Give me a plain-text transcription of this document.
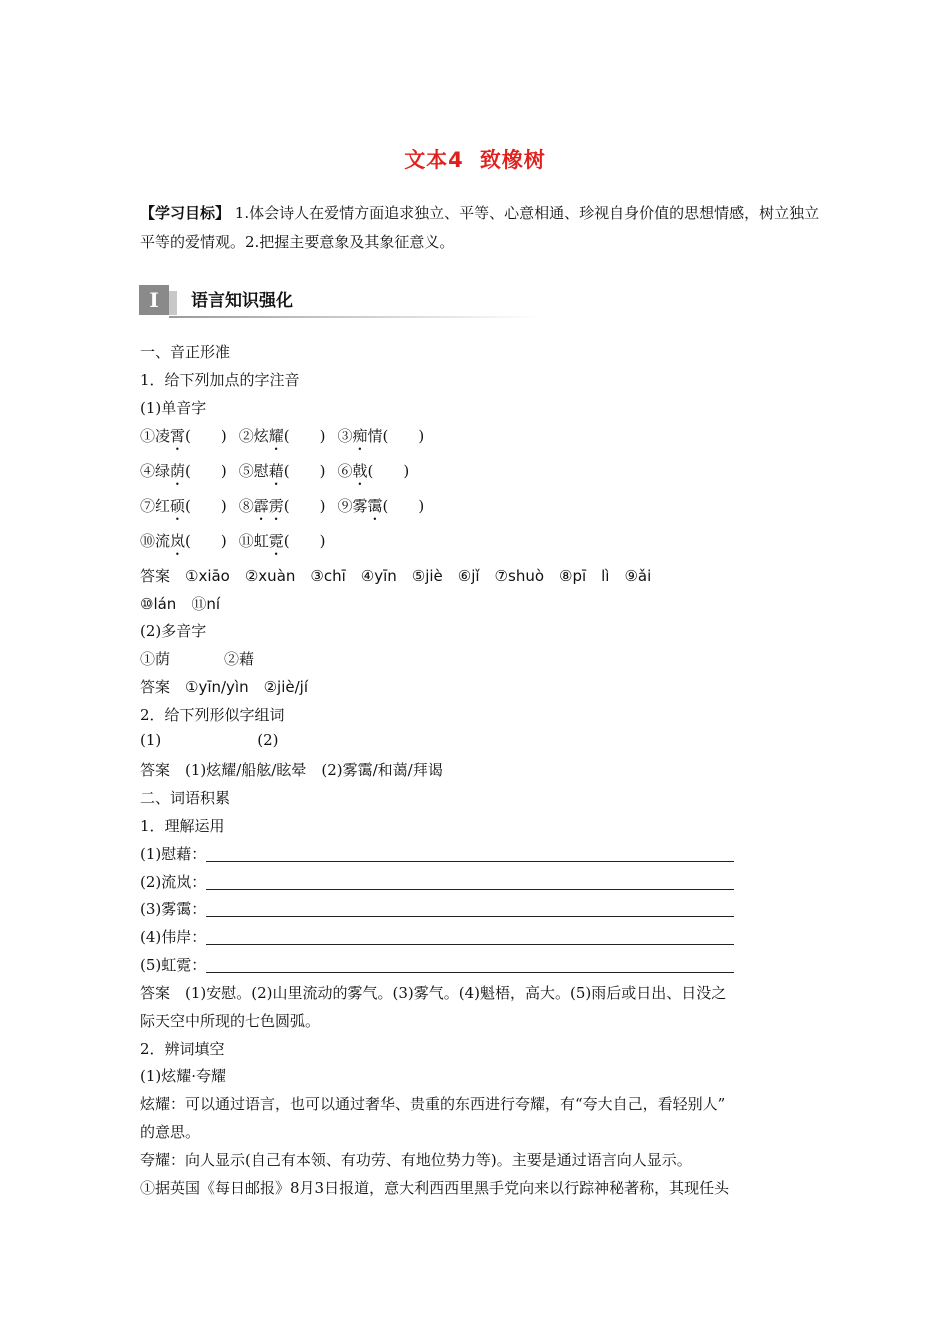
文本4 致橡树
【学习目标】 1.体会诗人在爱情方面追求独立、平等、心意相通、珍视自身价值的思想情感，树立独立平等的爱情观。2.把握主要意象及其象征意义。
I	语言知识强化
一、音正形准
1．给下列加点的字注音
(1)单音字
①凌霄(　　) ②炫耀(　　) ③痴情(　　)
④绿荫(　　) ⑤慰藉(　　) ⑥戟(　　)
⑦红硕(　　) ⑧霹雳(　　) ⑨雾霭(　　)
⑩流岚(　　) ⑪虹霓(　　)
答案　①xiāo　②xuàn　③chī　④yīn　⑤jiè　⑥jǐ　⑦shuò　⑧pī　lì　⑨ǎi
⑩lán　⑪ní
(2)多音字
①荫	②藉
答案　①yīn/yìn　②jiè/jí
2．给下列形似字组词
(1)	(2)
答案　(1)炫耀/船舷/眩晕　(2)雾霭/和蔼/拜谒
二、词语积累
1．理解运用
(1)慰藉：
(2)流岚：
(3)雾霭：
(4)伟岸：
(5)虹霓：
答案　(1)安慰。(2)山里流动的雾气。(3)雾气。(4)魁梧，高大。(5)雨后或日出、日没之
际天空中所现的七色圆弧。
2．辨词填空
(1)炫耀·夸耀
炫耀：可以通过语言，也可以通过奢华、贵重的东西进行夸耀，有“夸大自己，看轻别人”
的意思。
夸耀：向人显示(自己有本领、有功劳、有地位势力等)。主要是通过语言向人显示。
①据英国《每日邮报》8月3日报道，意大利西西里黑手党向来以行踪神秘著称，其现任头
